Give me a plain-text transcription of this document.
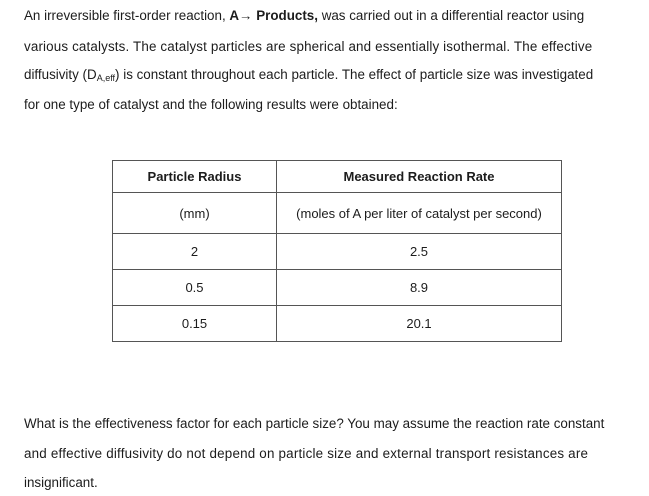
An irreversible first-order reaction, A→ Products, was carried out in a differential reactor using
various catalysts. The catalyst particles are spherical and essentially isothermal. The effective
diffusivity $(D_{A,eff})$ is constant throughout each particle. The effect of particle size was investigated
for one type of catalyst and the following results were obtained:
Particle Radius	Measured Reaction Rate
(mm)	(moles of A per liter of catalyst per second)
2	2.5
0.5	8.9
0.15	20.1
What is the effectiveness factor for each particle size? You may assume the reaction rate constant
and effective diffusivity do not depend on particle size and external transport resistances are
insignificant.
